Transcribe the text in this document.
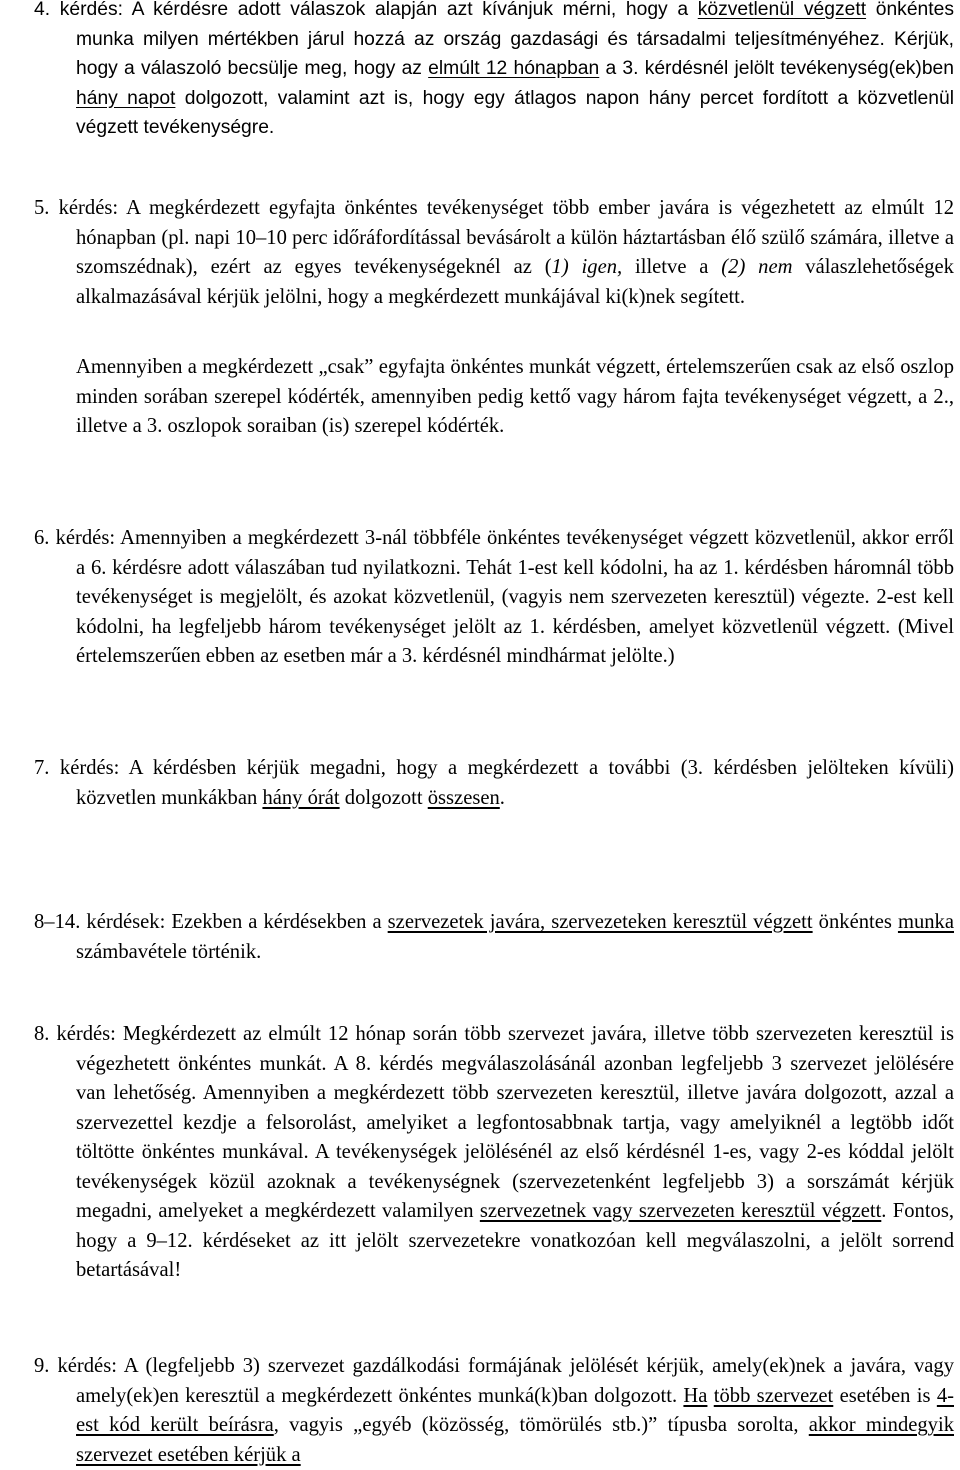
4. kérdés: A kérdésre adott válaszok alapján azt kívánjuk mérni, hogy a közvetlenül végzett önkéntes munka milyen mértékben járul hozzá az ország gazdasági és társadalmi teljesítményéhez. Kérjük, hogy a válaszoló becsülje meg, hogy az elmúlt 12 hónapban a 3. kérdésnél jelölt tevékenység(ek)ben hány napot dolgozott, valamint azt is, hogy egy átlagos napon hány percet fordított a közvetlenül végzett tevékenységre.

5. kérdés: A megkérdezett egyfajta önkéntes tevékenységet több ember javára is végezhetett az elmúlt 12 hónapban (pl. napi 10–10 perc időráfordítással bevásárolt a külön háztartásban élő szülő számára, illetve a szomszédnak), ezért az egyes tevékenységeknél az (1) igen, illetve a (2) nem válaszlehetőségek alkalmazásával kérjük jelölni, hogy a megkérdezett munkájával ki(k)nek segített.

Amennyiben a megkérdezett „csak” egyfajta önkéntes munkát végzett, értelemszerűen csak az első oszlop minden sorában szerepel kódérték, amennyiben pedig kettő vagy három fajta tevékenységet végzett, a 2., illetve a 3. oszlopok soraiban (is) szerepel kódérték.

6. kérdés: Amennyiben a megkérdezett 3-nál többféle önkéntes tevékenységet végzett közvetlenül, akkor erről a 6. kérdésre adott válaszában tud nyilatkozni. Tehát 1-est kell kódolni, ha az 1. kérdésben háromnál több tevékenységet is megjelölt, és azokat közvetlenül, (vagyis nem szervezeten keresztül) végezte. 2-est kell kódolni, ha legfeljebb három tevékenységet jelölt az 1. kérdésben, amelyet közvetlenül végzett. (Mivel értelemszerűen ebben az esetben már a 3. kérdésnél mindhármat jelölte.)

7. kérdés: A kérdésben kérjük megadni, hogy a megkérdezett a további (3. kérdésben jelölteken kívüli) közvetlen munkákban hány órát dolgozott összesen.

8–14. kérdések: Ezekben a kérdésekben a szervezetek javára, szervezeteken keresztül végzett önkéntes munka számbavétele történik.

8. kérdés: Megkérdezett az elmúlt 12 hónap során több szervezet javára, illetve több szervezeten keresztül is végezhetett önkéntes munkát. A 8. kérdés megválaszolásánál azonban legfeljebb 3 szervezet jelölésére van lehetőség. Amennyiben a megkérdezett több szervezeten keresztül, illetve javára dolgozott, azzal a szervezettel kezdje a felsorolást, amelyiket a legfontosabbnak tartja, vagy amelyiknél a legtöbb időt töltötte önkéntes munkával. A tevékenységek jelölésénél az első kérdésnél 1-es, vagy 2-es kóddal jelölt tevékenységek közül azoknak a tevékenységnek (szervezetenként legfeljebb 3) a sorszámát kérjük megadni, amelyeket a megkérdezett valamilyen szervezetnek vagy szervezeten keresztül végzett. Fontos, hogy a 9–12. kérdéseket az itt jelölt szervezetekre vonatkozóan kell megválaszolni, a jelölt sorrend betartásával!

9. kérdés: A (legfeljebb 3) szervezet gazdálkodási formájának jelölését kérjük, amely(ek)nek a javára, vagy amely(ek)en keresztül a megkérdezett önkéntes munká(k)ban dolgozott. Ha több szervezet esetében is 4-est kód került beírásra, vagyis „egyéb (közösség, tömörülés stb.)” típusba sorolta, akkor mindegyik szervezet esetében kérjük a
